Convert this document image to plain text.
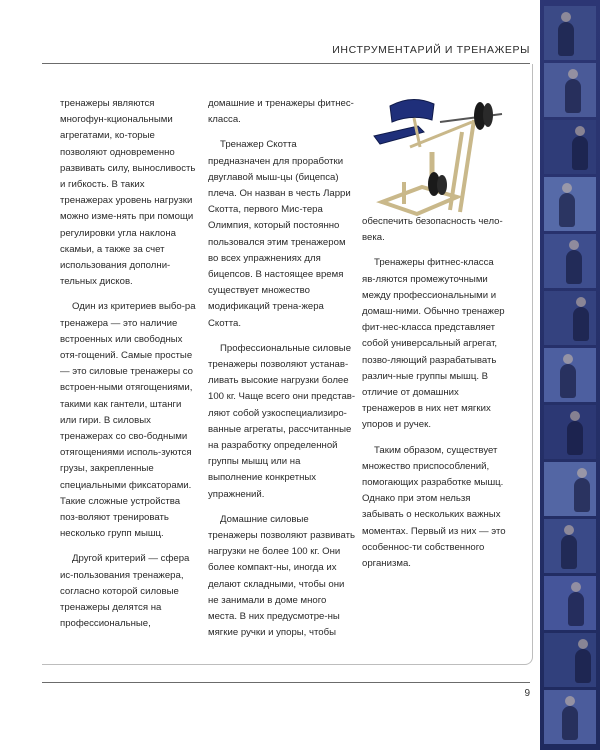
ИНСТРУМЕНТАРИЙ И ТРЕНАЖЕРЫ

тренажеры являются многофун-кциональными агрегатами, ко-торые позволяют одновременно развивать силу, выносливость и гибкость. В таких тренажерах уровень нагрузки можно изме-нять при помощи регулировки угла наклона скамьи, а также за счет использования дополни-тельных дисков.

Один из критериев выбо-ра тренажера — это наличие встроенных или свободных отя-гощений. Самые простые — это силовые тренажеры со встроен-ными отягощениями, такими как гантели, штанги или гири. В силовых тренажерах со сво-бодными отягощениями исполь-зуются грузы, закрепленные специальными фиксаторами. Такие сложные устройства поз-воляют тренировать несколько групп мышц.

Другой критерий — сфера ис-пользования тренажера, согласно которой силовые тренажеры делятся на профессиональные,

домашние и тренажеры фитнес-класса.

Тренажер Скотта предназначен для проработки двуглавой мыш-цы (бицепса) плеча. Он назван в честь Ларри Скотта, первого Мис-тера Олимпия, который постоянно пользовался этим тренажером во всех упражнениях для бицепсов. В настоящее время существует множество модификаций трена-жера Скотта.

Профессиональные силовые тренажеры позволяют устанав-ливать высокие нагрузки более 100 кг. Чаще всего они представ-ляют собой узкоспециализиро-ванные агрегаты, рассчитанные на разработку определенной группы мышц или на выполнение конкретных упражнений.

Домашние силовые тренажеры позволяют развивать нагрузки не более 100 кг. Они более компакт-ны, иногда их делают складными, чтобы они не занимали в доме много места. В них предусмотре-ны мягкие ручки и упоры, чтобы

обеспечить безопасность чело-века.

Тренажеры фитнес-класса яв-ляются промежуточными между профессиональными и домаш-ними. Обычно тренажер фит-нес-класса представляет собой универсальный агрегат, позво-ляющий разрабатывать различ-ные группы мышц. В отличие от домашних тренажеров в них нет мягких упоров и ручек.

Таким образом, существует множество приспособлений, помогающих разработке мышц. Однако при этом нельзя забывать о нескольких важных моментах. Первый из них — это особеннос-ти собственного организма.

9
